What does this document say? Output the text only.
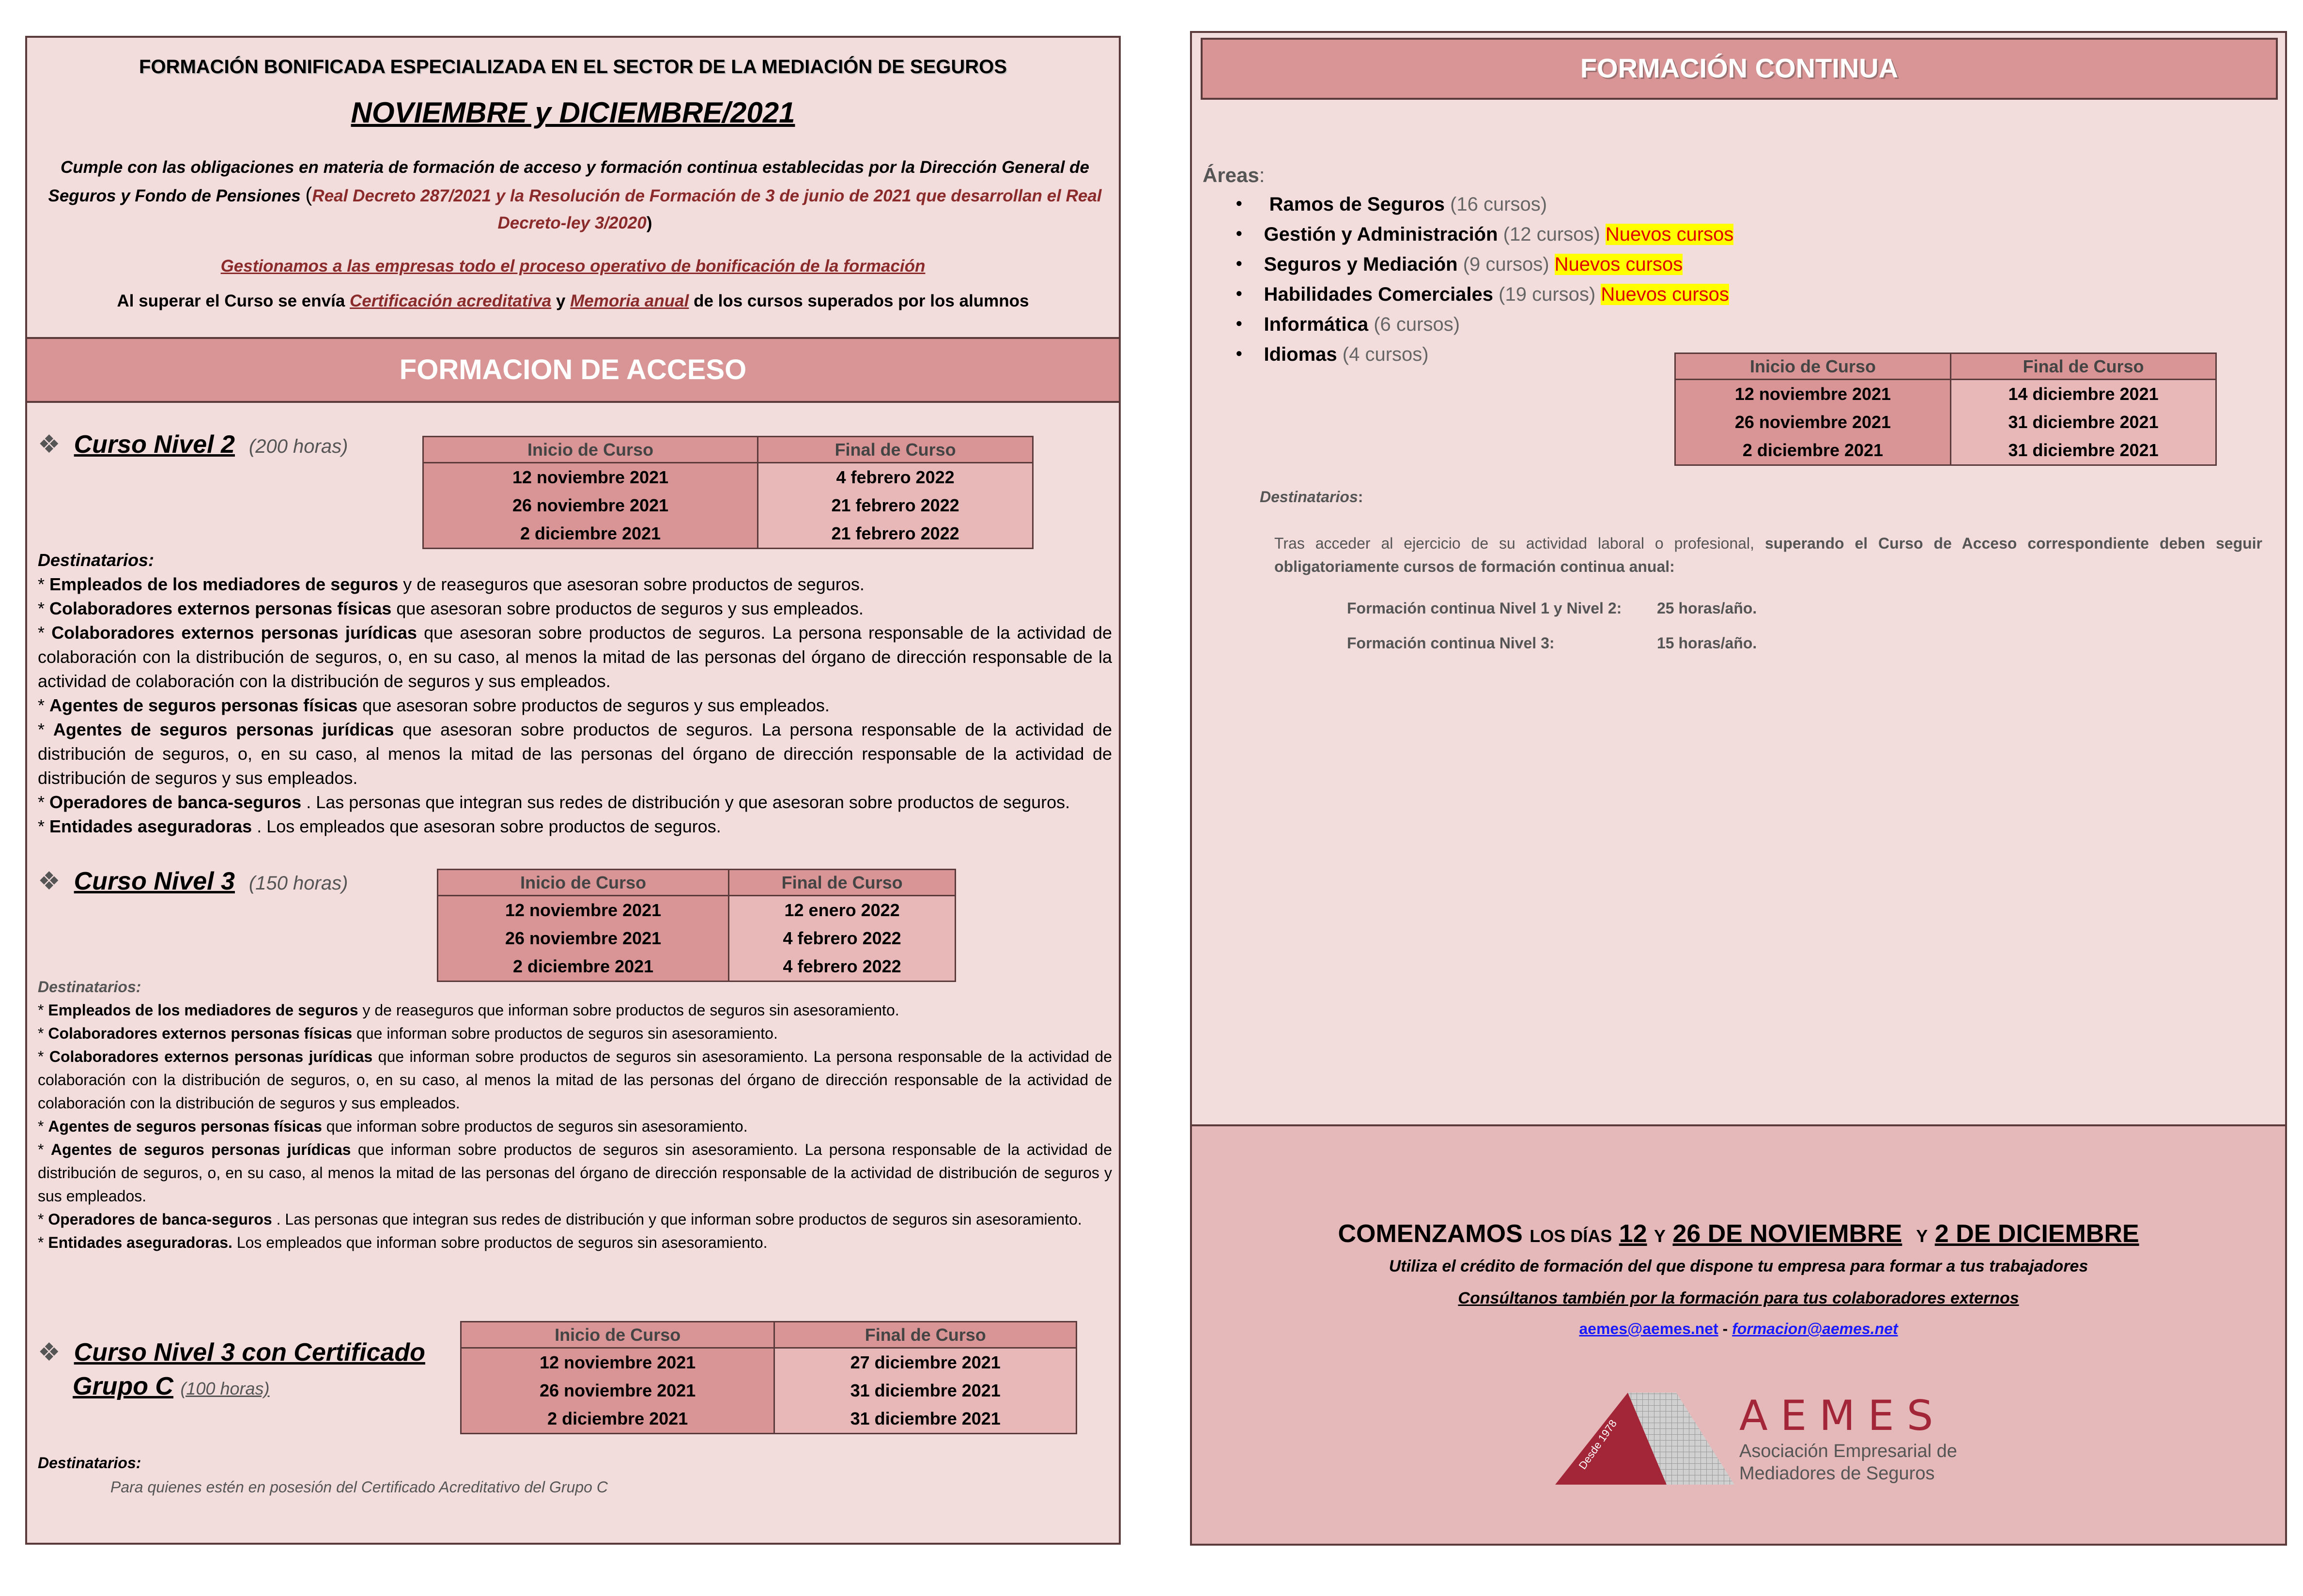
FORMACIÓN BONIFICADA ESPECIALIZADA EN EL SECTOR DE LA MEDIACIÓN DE SEGUROS
NOVIEMBRE y DICIEMBRE/2021
Cumple con las obligaciones en materia de formación de acceso y formación continua establecidas por la Dirección General de Seguros y Fondo de Pensiones (Real Decreto 287/2021 y la Resolución de Formación de 3 de junio de 2021 que desarrollan el Real Decreto-ley 3/2020)
Gestionamos a las empresas todo el proceso operativo de bonificación de la formación
Al superar el Curso se envía Certificación acreditativa y Memoria anual de los cursos superados por los alumnos
FORMACION DE ACCESO
❖ Curso Nivel 2 (200 horas)	Inicio de Curso	Final de Curso
12 noviembre 2021	4 febrero 2022
26 noviembre 2021	21 febrero 2022
2 diciembre 2021	21 febrero 2022

Destinatarios:

* Empleados de los mediadores de seguros y de reaseguros que asesoran sobre productos de seguros.

* Colaboradores externos personas físicas que asesoran sobre productos de seguros y sus empleados.

* Colaboradores externos personas jurídicas que asesoran sobre productos de seguros. La persona responsable de la actividad de colaboración con la distribución de seguros, o, en su caso, al menos la mitad de las personas del órgano de dirección responsable de la actividad de colaboración con la distribución de seguros y sus empleados.

* Agentes de seguros personas físicas que asesoran sobre productos de seguros y sus empleados.

* Agentes de seguros personas jurídicas que asesoran sobre productos de seguros. La persona responsable de la actividad de distribución de seguros, o, en su caso, al menos la mitad de las personas del órgano de dirección responsable de la actividad de distribución de seguros y sus empleados.

* Operadores de banca-seguros . Las personas que integran sus redes de distribución y que asesoran sobre productos de seguros.

* Entidades aseguradoras . Los empleados que asesoran sobre productos de seguros.

❖ Curso Nivel 3 (150 horas)	Inicio de Curso	Final de Curso
12 noviembre 2021	12 enero 2022
26 noviembre 2021	4 febrero 2022
2 diciembre 2021	4 febrero 2022

Destinatarios:

* Empleados de los mediadores de seguros y de reaseguros que informan sobre productos de seguros sin asesoramiento.

* Colaboradores externos personas físicas que informan sobre productos de seguros sin asesoramiento.

* Colaboradores externos personas jurídicas que informan sobre productos de seguros sin asesoramiento. La persona responsable de la actividad de colaboración con la distribución de seguros, o, en su caso, al menos la mitad de las personas del órgano de dirección responsable de la actividad de colaboración con la distribución de seguros y sus empleados.

* Agentes de seguros personas físicas que informan sobre productos de seguros sin asesoramiento.

* Agentes de seguros personas jurídicas que informan sobre productos de seguros sin asesoramiento. La persona responsable de la actividad de distribución de seguros, o, en su caso, al menos la mitad de las personas del órgano de dirección responsable de la actividad de distribución de seguros y sus empleados.

* Operadores de banca-seguros . Las personas que integran sus redes de distribución y que informan sobre productos de seguros sin asesoramiento.

* Entidades aseguradoras. Los empleados que informan sobre productos de seguros sin asesoramiento.

❖ Curso Nivel 3 con Certificado
Grupo C (100 horas)
Inicio de Curso	Final de Curso
12 noviembre 2021	27 diciembre 2021
26 noviembre 2021	31 diciembre 2021
2 diciembre 2021	31 diciembre 2021

Destinatarios:

Para quienes estén en posesión del Certificado Acreditativo del Grupo C

FORMACIÓN CONTINUA
Áreas:
● Ramos de Seguros (16 cursos)
● Gestión y Administración (12 cursos) Nuevos cursos
● Seguros y Mediación (9 cursos) Nuevos cursos
● Habilidades Comerciales (19 cursos) Nuevos cursos
● Informática (6 cursos)
● Idiomas (4 cursos)
Inicio de Curso	Final de Curso
12 noviembre 2021	14 diciembre 2021
26 noviembre 2021	31 diciembre 2021
2 diciembre 2021	31 diciembre 2021
Destinatarios:
Tras acceder al ejercicio de su actividad laboral o profesional, superando el Curso de Acceso correspondiente deben seguir obligatoriamente cursos de formación continua anual:
Formación continua Nivel 1 y Nivel 2: 25 horas/año.
Formación continua Nivel 3:	15 horas/año.
COMENZAMOS LOS DÍAS 12 Y 26 DE NOVIEMBRE Y 2 DE DICIEMBRE
Utiliza el crédito de formación del que dispone tu empresa para formar a tus trabajadores
Consúltanos también por la formación para tus colaboradores externos
aemes@aemes.net - formacion@aemes.net
Desde 1978
AEMES
Asociación Empresarial de
Mediadores de Seguros
